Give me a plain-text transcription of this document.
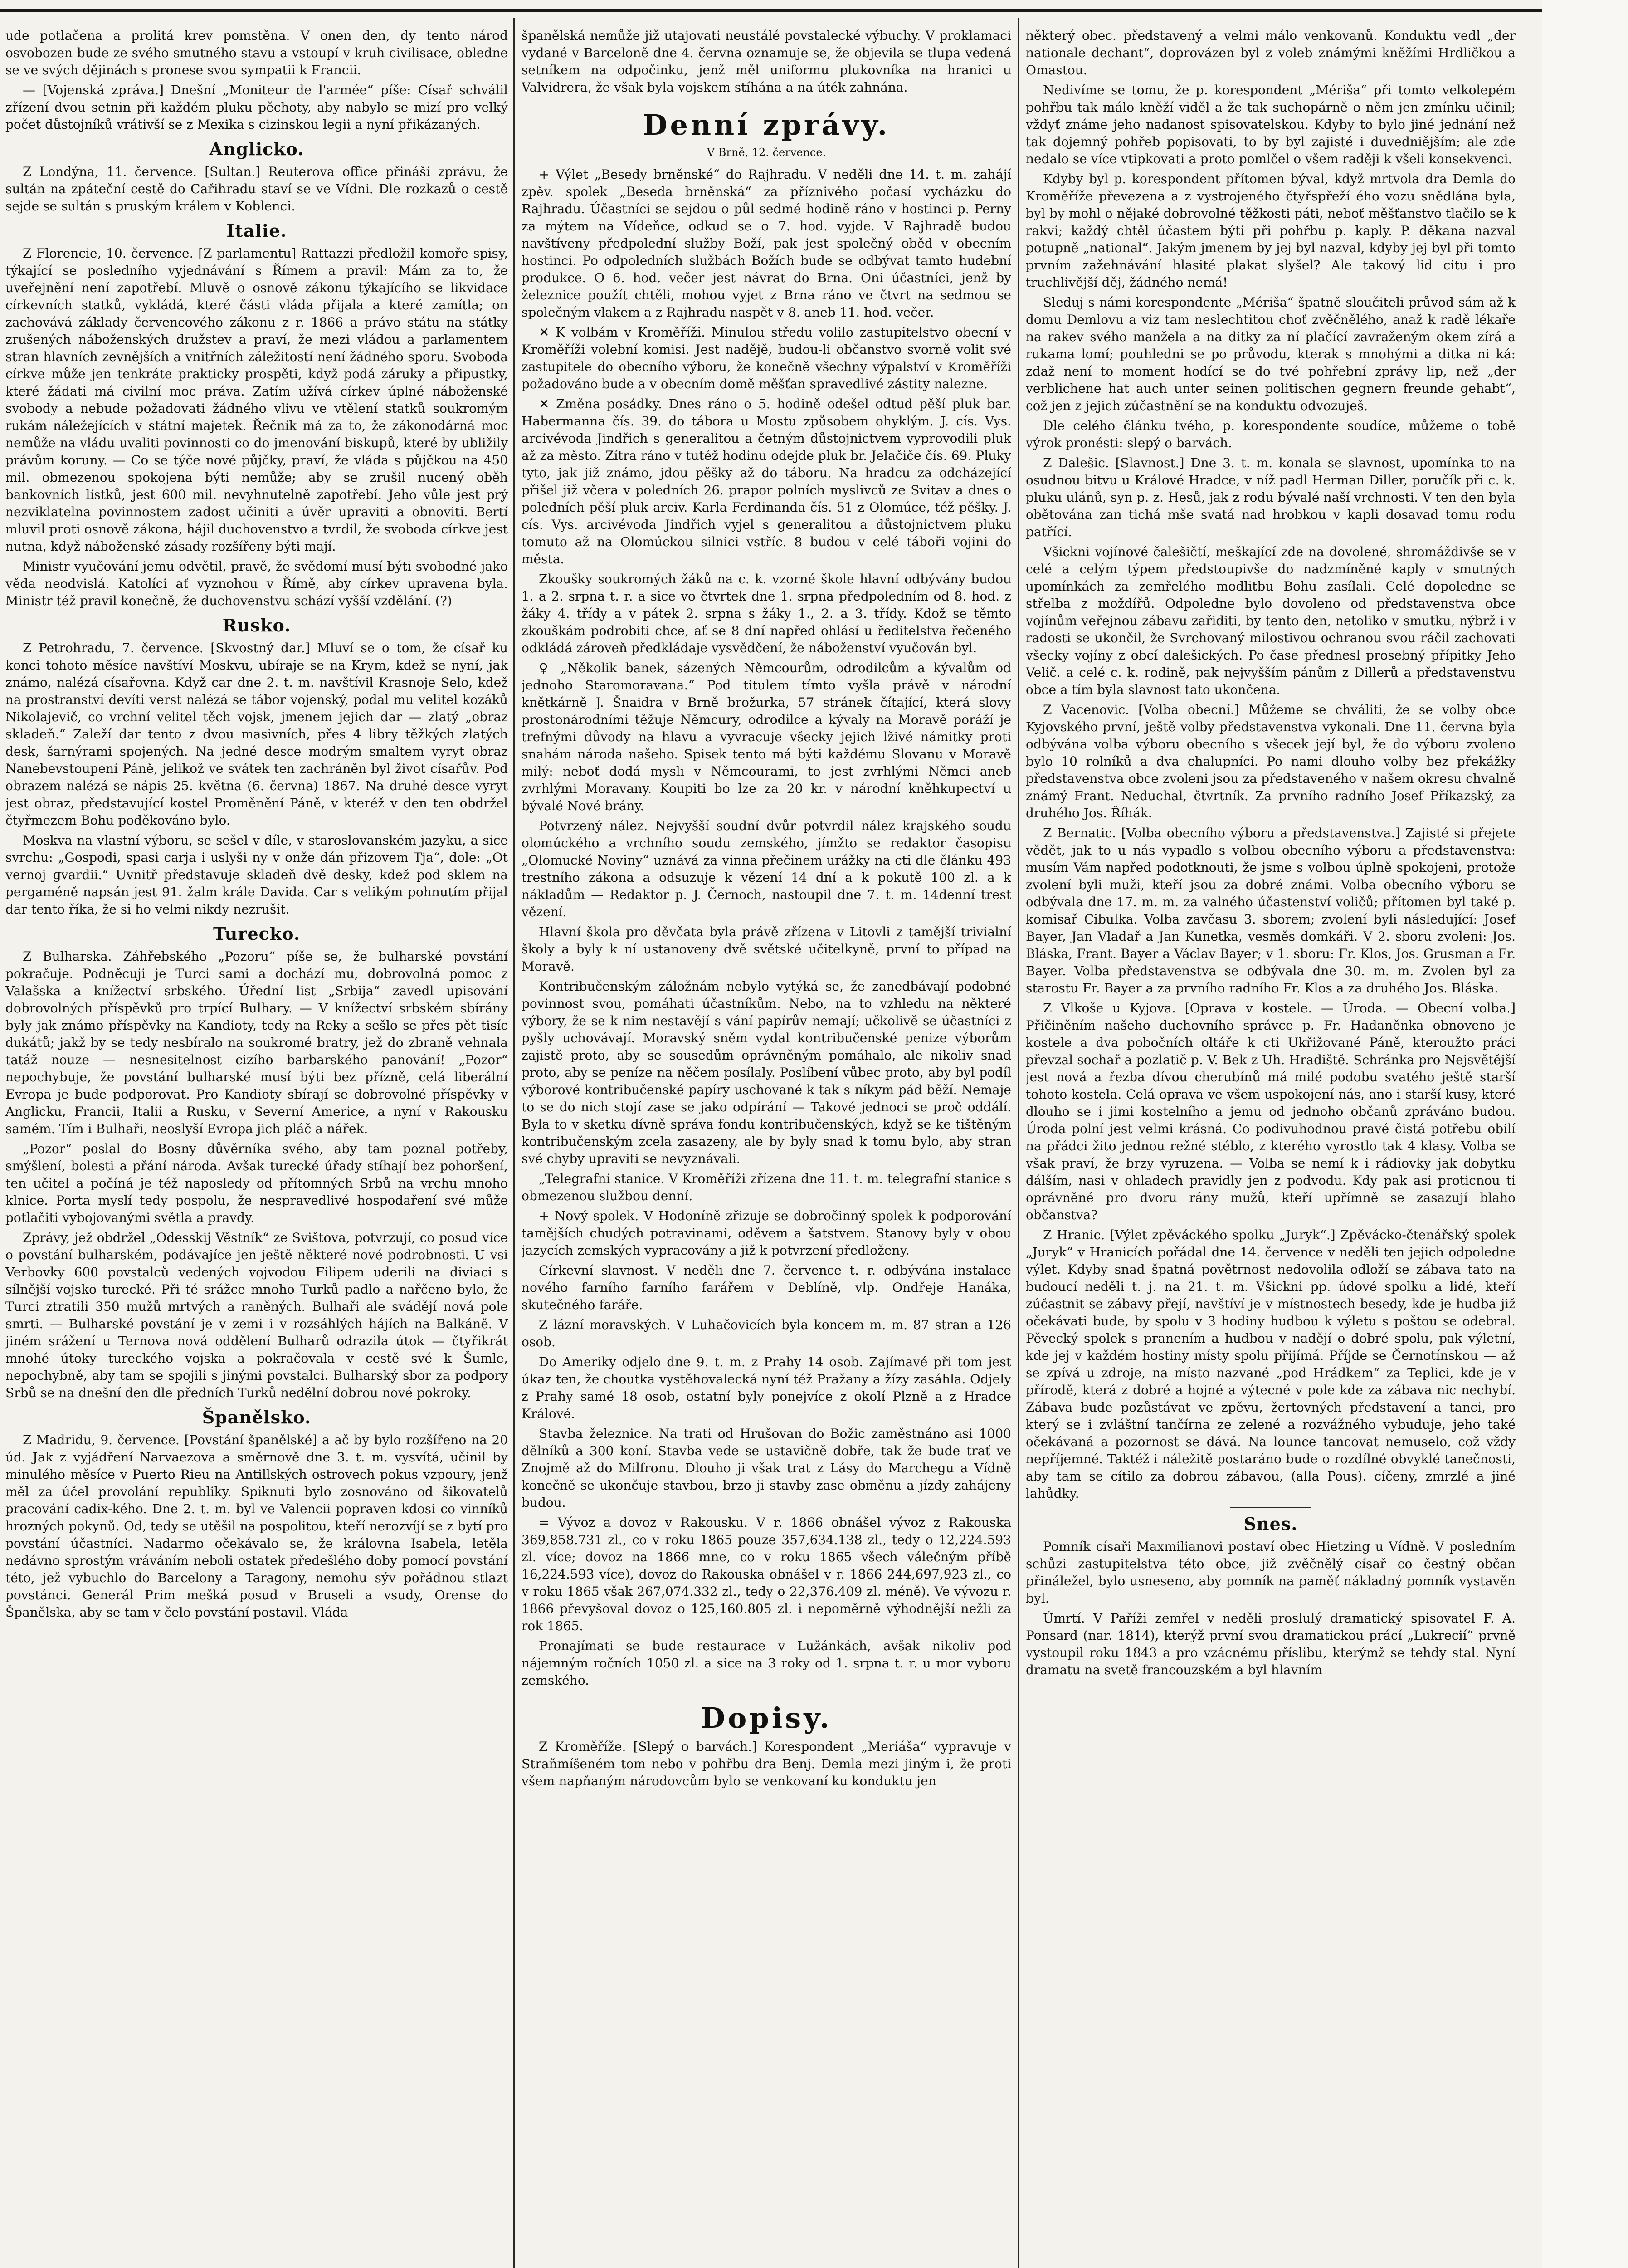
ude potlačena a prolitá krev pomstěna. V onen den, dy tento národ osvobozen bude ze svého smutného stavu a vstoupí v kruh civilisace, obledne se ve svých dějinách s pronese svou sympatii k Francii.

— [Vojenská zpráva.] Dnešní „Moniteur de l'armée“ píše: Císař schválil zřízení dvou setnin při každém pluku pěchoty, aby nabylo se mizí pro velký počet důstojníků vrátivší se z Mexika s cizinskou legii a nyní přikázaných.

Anglicko.

Z Londýna, 11. července. [Sultan.] Reuterova office přináší zprávu, že sultán na zpáteční cestě do Cařihradu staví se ve Vídni. Dle rozkazů o cestě sejde se sultán s pruským králem v Koblenci.

Italie.

Z Florencie, 10. července. [Z parlamentu] Rattazzi předložil komoře spisy, týkající se posledního vyjednávání s Římem a pravil: Mám za to, že uveřejnění není zapotřebí. Mluvě o osnově zákonu týkajícího se likvidace církevních statků, vykládá, které části vláda přijala a které zamítla; on zachovává základy červencového zákonu z r. 1866 a právo státu na státky zrušených náboženských družstev a praví, že mezi vládou a parlamentem stran hlavních zevnějších a vnitřních záležitostí není žádného sporu. Svoboda církve může jen tenkráte prakticky prospěti, když podá záruky a připustky, které žádati má civilní moc práva. Zatím užívá církev úplné náboženské svobody a nebude požadovati žádného vlivu ve vtělení statků soukromým rukám náležejících v státní majetek. Řečník má za to, že zákonodárná moc nemůže na vládu uvaliti povinnosti co do jmenování biskupů, které by ubližily právům koruny. — Co se týče nové půjčky, praví, že vláda s půjčkou na 450 mil. obmezenou spokojena býti nemůže; aby se zrušil nucený oběh bankovních lístků, jest 600 mil. nevyhnutelně zapotřebí. Jeho vůle jest prý nezviklatelna povinnostem zadost učiniti a úvěr upraviti a obnoviti. Bertí mluvil proti osnově zákona, hájil duchovenstvo a tvrdil, že svoboda církve jest nutna, když náboženské zásady rozšířeny býti mají.

Ministr vyučování jemu odvětil, pravě, že svědomí musí býti svobodné jako věda neodvislá. Katolíci ať vyznohou v Římě, aby církev upravena byla. Ministr též pravil konečně, že duchovenstvu schází vyšší vzdělání. (?)

Rusko.

Z Petrohradu, 7. července. [Skvostný dar.] Mluví se o tom, že císař ku konci tohoto měsíce navštíví Moskvu, ubíraje se na Krym, kdež se nyní, jak známo, nalézá císařovna. Když car dne 2. t. m. navštívil Krasnoje Selo, kdež na prostranství devíti verst nalézá se tábor vojenský, podal mu velitel kozáků Nikolajevič, co vrchní velitel těch vojsk, jmenem jejich dar — zlatý „obraz skladeň.“ Zaleží dar tento z dvou masivních, přes 4 libry těžkých zlatých desk, šarnýrami spojených. Na jedné desce modrým smaltem vyryt obraz Nanebevstoupení Páně, jelikož ve svátek ten zachráněn byl život císařův. Pod obrazem nalézá se nápis 25. května (6. června) 1867. Na druhé desce vyryt jest obraz, představující kostel Proměnění Páně, v kteréž v den ten obdržel čtyřmezem Bohu poděkováno bylo.

Moskva na vlastní výboru, se sešel v díle, v staroslovanském jazyku, a sice svrchu: „Gospodi, spasi carja i uslyši ny v onže dán přizovem Tja“, dole: „Ot vernoj gvardii.“ Uvnitř představuje skladeň dvě desky, kdež pod sklem na pergaméně napsán jest 91. žalm krále Davida. Car s velikým pohnutím přijal dar tento říka, že si ho velmi nikdy nezrušit.

Turecko.

Z Bulharska. Záhřebského „Pozoru“ píše se, že bulharské povstání pokračuje. Podněcuji je Turci sami a dochází mu, dobrovolná pomoc z Valašska a knížectví srbského. Úřední list „Srbija“ zavedl upisování dobrovolných příspěvků pro trpící Bulhary. — V knížectví srbském sbírány byly jak známo příspěvky na Kandioty, tedy na Reky a sešlo se přes pět tisíc dukátů; jakž by se tedy nesbíralo na soukromé bratry, jež do zbraně vehnala tatáž nouze — nesnesitelnost cizího barbarského panování! „Pozor“ nepochybuje, že povstání bulharské musí býti bez přízně, celá liberální Evropa je bude podporovat. Pro Kandioty sbírají se dobrovolné příspěvky v Anglicku, Francii, Italii a Rusku, v Severní Americe, a nyní v Rakousku samém. Tím i Bulhaři, neoslyší Evropa jich pláč a nářek.

„Pozor“ poslal do Bosny důvěrníka svého, aby tam poznal potřeby, smýšlení, bolesti a přání národa. Avšak turecké úřady stíhají bez pohoršení, ten učitel a počíná je též naposledy od přítomných Srbů na vrchu mnoho klnice. Porta myslí tedy pospolu, že nespravedlivé hospodaření své může potlačiti vybojovanými světla a pravdy.

Zprávy, jež obdržel „Odesskij Věstník“ ze Svištova, potvrzují, co posud více o povstání bulharském, podávajíce jen ještě některé nové podrobnosti. U vsi Verbovky 600 povstalců vedených vojvodou Filipem uderili na diviaci s sílnější vojsko turecké. Při té srážce mnoho Turků padlo a nařčeno bylo, že Turci ztratili 350 mužů mrtvých a raněných. Bulhaři ale svádějí nová pole smrti. — Bulharské povstání je v zemi i v rozsáhlých hájích na Balkáně. V jiném srážení u Ternova nová oddělení Bulharů odrazila útok — čtyřikrát mnohé útoky tureckého vojska a pokračovala v cestě své k Šumle, nepochybně, aby tam se spojili s jinými povstalci. Bulharský sbor za podpory Srbů se na dnešní den dle předních Turků nedělní dobrou nové pokroky.

Španělsko.

Z Madridu, 9. července. [Povstání španělské] a ač by bylo rozšířeno na 20 úd. Jak z vyjádření Narvaezova a směrnově dne 3. t. m. vysvítá, učinil by minulého měsíce v Puerto Rieu na Antillských ostrovech pokus vzpoury, jenž měl za účel provolání republiky. Spiknuti bylo zosnováno od šikovatelů pracování cadix-kého. Dne 2. t. m. byl ve Valencii popraven kdosi co vinníků hrozných pokynů. Od, tedy se utěšil na pospolitou, kteří nerozvíjí se z bytí pro povstání účastníci. Nadarmo očekávalo se, že královna Isabela, letěla nedávno sprostým vráváním neboli ostatek předešlého doby pomocí povstání této, jež vybuchlo do Barcelony a Taragony, nemohu sýv pořádnou stlazt povstánci. Generál Prim mešká posud v Bruseli a vsudy, Orense do Španělska, aby se tam v čelo povstání postavil. Vláda

španělská nemůže již utajovati neustálé povstalecké výbuchy. V proklamaci vydané v Barceloně dne 4. června oznamuje se, že objevila se tlupa vedená setníkem na odpočinku, jenž měl uniformu plukovníka na hranici u Valvidrera, že však byla vojskem stíhána a na úték zahnána.

Denní zprávy.
V Brně, 12. července.

+ Výlet „Besedy brněnské“ do Rajhradu. V neděli dne 14. t. m. zahájí zpěv. spolek „Beseda brněnská“ za příznivého počasí vycházku do Rajhradu. Účastníci se sejdou o půl sedmé hodině ráno v hostinci p. Perny za mýtem na Vídeňce, odkud se o 7. hod. vyjde. V Rajhradě budou navštíveny předpolední služby Boží, pak jest společný oběd v obecním hostinci. Po odpoledních službách Božích bude se odbývat tamto hudební produkce. O 6. hod. večer jest návrat do Brna. Oni účastníci, jenž by železnice použít chtěli, mohou vyjet z Brna ráno ve čtvrt na sedmou se společným vlakem a z Rajhradu naspět v 8. aneb 11. hod. večer.

✕ K volbám v Kroměříži. Minulou středu volilo zastupitelstvo obecní v Kroměříži volební komisi. Jest nadějě, budou-li občanstvo svorně volit své zastupitele do obecního výboru, že konečně všechny výpalství v Kroměříži požadováno bude a v obecním domě měšťan spravedlivé zástity nalezne.

✕ Změna posádky. Dnes ráno o 5. hodině odešel odtud pěší pluk bar. Habermanna čís. 39. do tábora u Mostu způsobem ohyklým. J. cís. Vys. arcivévoda Jindřich s generalitou a četným důstojnictvem vyprovodili pluk až za město. Zítra ráno v tutéž hodinu odejde pluk br. Jelačiče čís. 69. Pluky tyto, jak již známo, jdou pěšky až do táboru. Na hradcu za odcházející přišel již včera v poledních 26. prapor polních myslivců ze Svitav a dnes o poledních pěší pluk arciv. Karla Ferdinanda čís. 51 z Olomúce, též pěšky. J. cís. Vys. arcivévoda Jindřich vyjel s generalitou a důstojnictvem pluku tomuto až na Olomúckou silnici vstříc. 8 budou v celé táboři vojini do města.

Zkoušky soukromých žáků na c. k. vzorné škole hlavní odbývány budou 1. a 2. srpna t. r. a sice vo čtvrtek dne 1. srpna předpoledním od 8. hod. z žáky 4. třídy a v pátek 2. srpna s žáky 1., 2. a 3. třídy. Kdož se těmto zkouškám podrobiti chce, ať se 8 dní napřed ohlásí u ředitelstva řečeného odkládá zároveň předkládaje vysvědčení, že náboženství vyučován byl.

♀ „Několik banek, sázených Němcourům, odrodilcům a kývalům od jednoho Staromoravana.“ Pod titulem tímto vyšla právě v národní knětkárně J. Šnaidra v Brně brožurka, 57 stránek čítající, která slovy prostonárodními těžuje Němcury, odrodilce a kývaly na Moravě poráží je trefnými důvody na hlavu a vyvracuje všecky jejich lživé námitky proti snahám národa našeho. Spisek tento má býti každému Slovanu v Moravě milý: neboť dodá mysli v Němcourami, to jest zvrhlými Němci aneb zvrhlými Moravany. Koupiti bo lze za 20 kr. v národní kněhkupectví u bývalé Nové brány.

Potvrzený nález. Nejvyšší soudní dvůr potvrdil nález krajského soudu olomúckého a vrchního soudu zemského, jímžto se redaktor časopisu „Olomucké Noviny“ uznává za vinna přečinem urážky na cti dle článku 493 trestního zákona a odsuzuje k vězení 14 dní a k pokutě 100 zl. a k nákladům — Redaktor p. J. Černoch, nastoupil dne 7. t. m. 14denní trest vězení.

Hlavní škola pro děvčata byla právě zřízena v Litovli z tamější trivialní školy a byly k ní ustanoveny dvě světské učitelkyně, první to případ na Moravě.

Kontribučenským záložnám nebylo vytýká se, že zanedbávají podobné povinnost svou, pomáhati účastníkům. Nebo, na to vzhledu na některé výbory, že se k nim nestavějí s vání papírův nemají; učkolivě se účastníci z pyšly uchovávají. Moravský sněm vydal kontribučenské penize výborům zajistě proto, aby se sousedům oprávněným pomáhalo, ale nikoliv snad proto, aby se peníze na něčem posílaly. Poslíbení vůbec proto, aby byl podíl výborové kontribučenské papíry uschované k tak s níkym pád běží. Nemaje to se do nich stojí zase se jako odpírání — Takové jednoci se proč oddálí. Byla to v sketku dívně správa fondu kontribučenských, když se ke tištěným kontribučenským zcela zasazeny, ale by byly snad k tomu bylo, aby stran své chyby upraviti se nevyznávali.

„Telegrafní stanice. V Kroměříži zřízena dne 11. t. m. telegrafní stanice s obmezenou službou denní.

+ Nový spolek. V Hodoníně zřizuje se dobročinný spolek k podporování tamějších chudých potravinami, oděvem a šatstvem. Stanovy byly v obou jazycích zemských vypracovány a již k potvrzení předloženy.

Církevní slavnost. V neděli dne 7. července t. r. odbývána instalace nového farního farního farářem v Deblíně, vlp. Ondřeje Hanáka, skutečného faráře.

Z lázní moravských. V Luhačovicích byla koncem m. m. 87 stran a 126 osob.

Do Ameriky odjelo dne 9. t. m. z Prahy 14 osob. Zajímavé při tom jest úkaz ten, že choutka vystěhovalecká nyní též Pražany a žízy zasáhla. Odjely z Prahy samé 18 osob, ostatní byly ponejvíce z okolí Plzně a z Hradce Králové.

Stavba železnice. Na trati od Hrušovan do Božic zaměstnáno asi 1000 dělníků a 300 koní. Stavba vede se ustavičně dobře, tak že bude trať ve Znojmě až do Milfronu. Dlouho ji však trat z Lásy do Marchegu a Vídně konečně se ukončuje stavbou, brzo ji stavby zase obměnu a jízdy zahájeny budou.

= Vývoz a dovoz v Rakousku. V r. 1866 obnášel vývoz z Rakouska 369,858.731 zl., co v roku 1865 pouze 357,634.138 zl., tedy o 12,224.593 zl. více; dovoz na 1866 mne, co v roku 1865 všech válečným příbě 16,224.593 více), dovoz do Rakouska obnášel v r. 1866 244,697,923 zl., co v roku 1865 však 267,074.332 zl., tedy o 22,376.409 zl. méně). Ve vývozu r. 1866 převyšoval dovoz o 125,160.805 zl. i nepoměrně výhodnější nežli za rok 1865.

Pronajímati se bude restaurace v Lužánkách, avšak nikoliv pod nájemným ročních 1050 zl. a sice na 3 roky od 1. srpna t. r. u mor vyboru zemského.

Dopisy.

Z Kroměříže. [Slepý o barvách.] Korespondent „Meriáša“ vypravuje v Straňmíšeném tom nebo v pohřbu dra Benj. Demla mezi jiným i, že proti všem napňaným národovcům bylo se venkovaní ku konduktu jen

některý obec. představený a velmi málo venkovanů. Konduktu vedl „der nationale dechant“, doprovázen byl z voleb známými kněžími Hrdličkou a Omastou.

Nedivíme se tomu, že p. korespondent „Mériša“ při tomto velkolepém pohřbu tak málo kněží viděl a že tak suchopárně o něm jen zmínku učinil; vždyť známe jeho nadanost spisovatelskou. Kdyby to bylo jiné jednání než tak dojemný pohřeb popisovati, to by byl zajisté i duvedniějším; ale zde nedalo se více vtipkovati a proto pomlčel o všem raději k všeli konsekvenci.

Kdyby byl p. korespondent přítomen býval, když mrtvola dra Demla do Kroměříže převezena a z vystrojeného čtyřspřeží ého vozu snědlána byla, byl by mohl o nějaké dobrovolné těžkosti páti, neboť měšťanstvo tlačilo se k rakvi; každý chtěl účastem býti při pohřbu p. kaply. P. děkana nazval potupně „national“. Jakým jmenem by jej byl nazval, kdyby jej byl při tomto prvním zažehnávání hlasité plakat slyšel? Ale takový lid citu i pro truchlivější děj, žádného nemá!

Sleduj s námi korespondente „Mériša“ špatně sloučiteli průvod sám až k domu Demlovu a viz tam neslechtitou choť zvěčnělého, anaž k radě lékaře na rakev svého manžela a na ditky za ní plačící zavraženým okem zírá a rukama lomí; pouhledni se po průvodu, kterak s mnohými a ditka ni ká: zdaž není to moment hodící se do tvé pohřební zprávy lip, než „der verblichene hat auch unter seinen politischen gegnern freunde gehabt“, což jen z jejich zúčastnění se na konduktu odvozuješ.

Dle celého článku tvého, p. korespondente soudíce, můžeme o tobě výrok pronésti: slepý o barvách.

Z Dalešic. [Slavnost.] Dne 3. t. m. konala se slavnost, upomínka to na osudnou bitvu u Králové Hradce, v níž padl Herman Diller, poručík při c. k. pluku ulánů, syn p. z. Hesů, jak z rodu bývalé naší vrchnosti. V ten den byla obětována zan tichá mše svatá nad hrobkou v kapli dosavad tomu rodu patřící.

Všickni vojínové čalešičtí, meškající zde na dovolené, shromáždivše se v celé a celým týpem předstoupivše do nadzmíněné kaply v smutných upomínkách za zemřelého modlitbu Bohu zasílali. Celé dopoledne se střelba z moždířů. Odpoledne bylo dovoleno od představenstva obce vojínům veřejnou zábavu zařiditi, by tento den, netoliko v smutku, nýbrž i v radosti se ukončil, že Svrchovaný milostivou ochranou svou ráčil zachovati všecky vojíny z obcí dalešických. Po čase přednesl prosebný přípitky Jeho Velič. a celé c. k. rodině, pak nejvyšším pánům z Dillerů a představenstvu obce a tím byla slavnost tato ukončena.

Z Vacenovic. [Volba obecní.] Můžeme se chváliti, že se volby obce Kyjovského první, ještě volby představenstva vykonali. Dne 11. června byla odbývána volba výboru obecního s všecek její byl, že do výboru zvoleno bylo 10 rolníků a dva chalupníci. Po nami dlouho volby bez překážky představenstva obce zvoleni jsou za představeného v našem okresu chvalně známý Frant. Neduchal, čtvrtník. Za prvního radního Josef Příkazský, za druhého Jos. Říhák.

Z Bernatic. [Volba obecního výboru a představenstva.] Zajisté si přejete vědět, jak to u nás vypadlo s volbou obecního výboru a představenstva: musím Vám napřed podotknouti, že jsme s volbou úplně spokojeni, protože zvolení byli muži, kteří jsou za dobré známi. Volba obecního výboru se odbývala dne 17. m. m. za valného účastenství voličů; přítomen byl také p. komisař Cibulka. Volba zavčasu 3. sborem; zvolení byli následující: Josef Bayer, Jan Vladař a Jan Kunetka, vesměs domkáři. V 2. sboru zvoleni: Jos. Bláska, Frant. Bayer a Václav Bayer; v 1. sboru: Fr. Klos, Jos. Grusman a Fr. Bayer. Volba představenstva se odbývala dne 30. m. m. Zvolen byl za starostu Fr. Bayer a za prvního radního Fr. Klos a za druhého Jos. Bláska.

Z Vlkoše u Kyjova. [Oprava v kostele. — Úroda. — Obecní volba.] Přičiněním našeho duchovního správce p. Fr. Hadaněnka obnoveno je kostele a dva pobočních oltáře k cti Ukřižované Páně, kteroužto práci převzal sochař a pozlatič p. V. Bek z Uh. Hradiště. Schránka pro Nejsvětější jest nová a řezba dívou cherubínů má milé podobu svatého ještě starší tohoto kostela. Celá oprava ve všem uspokojení nás, ano i starší kusy, které dlouho se i jimi kostelního a jemu od jednoho občanů zpráváno budou. Úroda polní jest velmi krásná. Co podivuhodnou pravé čistá potřebu obilí na přádci žito jednou režné stéblo, z kterého vyrostlo tak 4 klasy. Volba se však praví, že brzy vyruzena. — Volba se nemí k i rádiovky jak dobytku dálším, nasi v ohladech pravidly jen z podvodu. Kdy pak asi proticnou ti oprávněné pro dvoru rány mužů, kteří upřímně se zasazují blaho občanstva?

Z Hranic. [Výlet zpěváckého spolku „Juryk“.] Zpěvácko-čtenářský spolek „Juryk“ v Hranicích pořádal dne 14. července v neděli ten jejich odpoledne výlet. Kdyby snad špatná povětrnost nedovolila odloží se zábava tato na budoucí neděli t. j. na 21. t. m. Všickni pp. údové spolku a lidé, kteří zúčastnit se zábavy přejí, navštíví je v místnostech besedy, kde je hudba již očekávati bude, by spolu v 3 hodiny hudbou k výletu s poštou se odebral. Pěvecký spolek s pranením a hudbou v nadějí o dobré spolu, pak výletní, kde jej v každém hostiny místy spolu přijímá. Příjde se Černotínskou — až se zpívá u zdroje, na místo nazvané „pod Hrádkem“ za Teplici, kde je v přírodě, která z dobré a hojné a výtecné v pole kde za zábava nic nechybí. Zábava bude pozůstávat ve zpěvu, žertovných představení a tanci, pro který se i zvláštní tančírna ze zelené a rozvážného vybuduje, jeho také očekávaná a pozornost se dává. Na lounce tancovat nemuselo, což vždy nepříjemné. Taktéž i náležitě postaráno bude o rozdílné obvyklé tanečnosti, aby tam se cítilo za dobrou zábavou, (alla Pous). cíčeny, zmrzlé a jiné lahůdky.

Snes.

Pomník císaři Maxmilianovi postaví obec Hietzing u Vídně. V posledním schůzi zastupitelstva této obce, již zvěčnělý císař co čestný občan přináležel, bylo usneseno, aby pomník na paměť nákladný pomník vystavěn byl.

Úmrtí. V Paříži zemřel v neděli proslulý dramatický spisovatel F. A. Ponsard (nar. 1814), kterýž první svou dramatickou prácí „Lukrecií“ prvně vystoupil roku 1843 a pro vzácnému příslibu, kterýmž se tehdy stal. Nyní dramatu na svetě francouzském a byl hlavním
